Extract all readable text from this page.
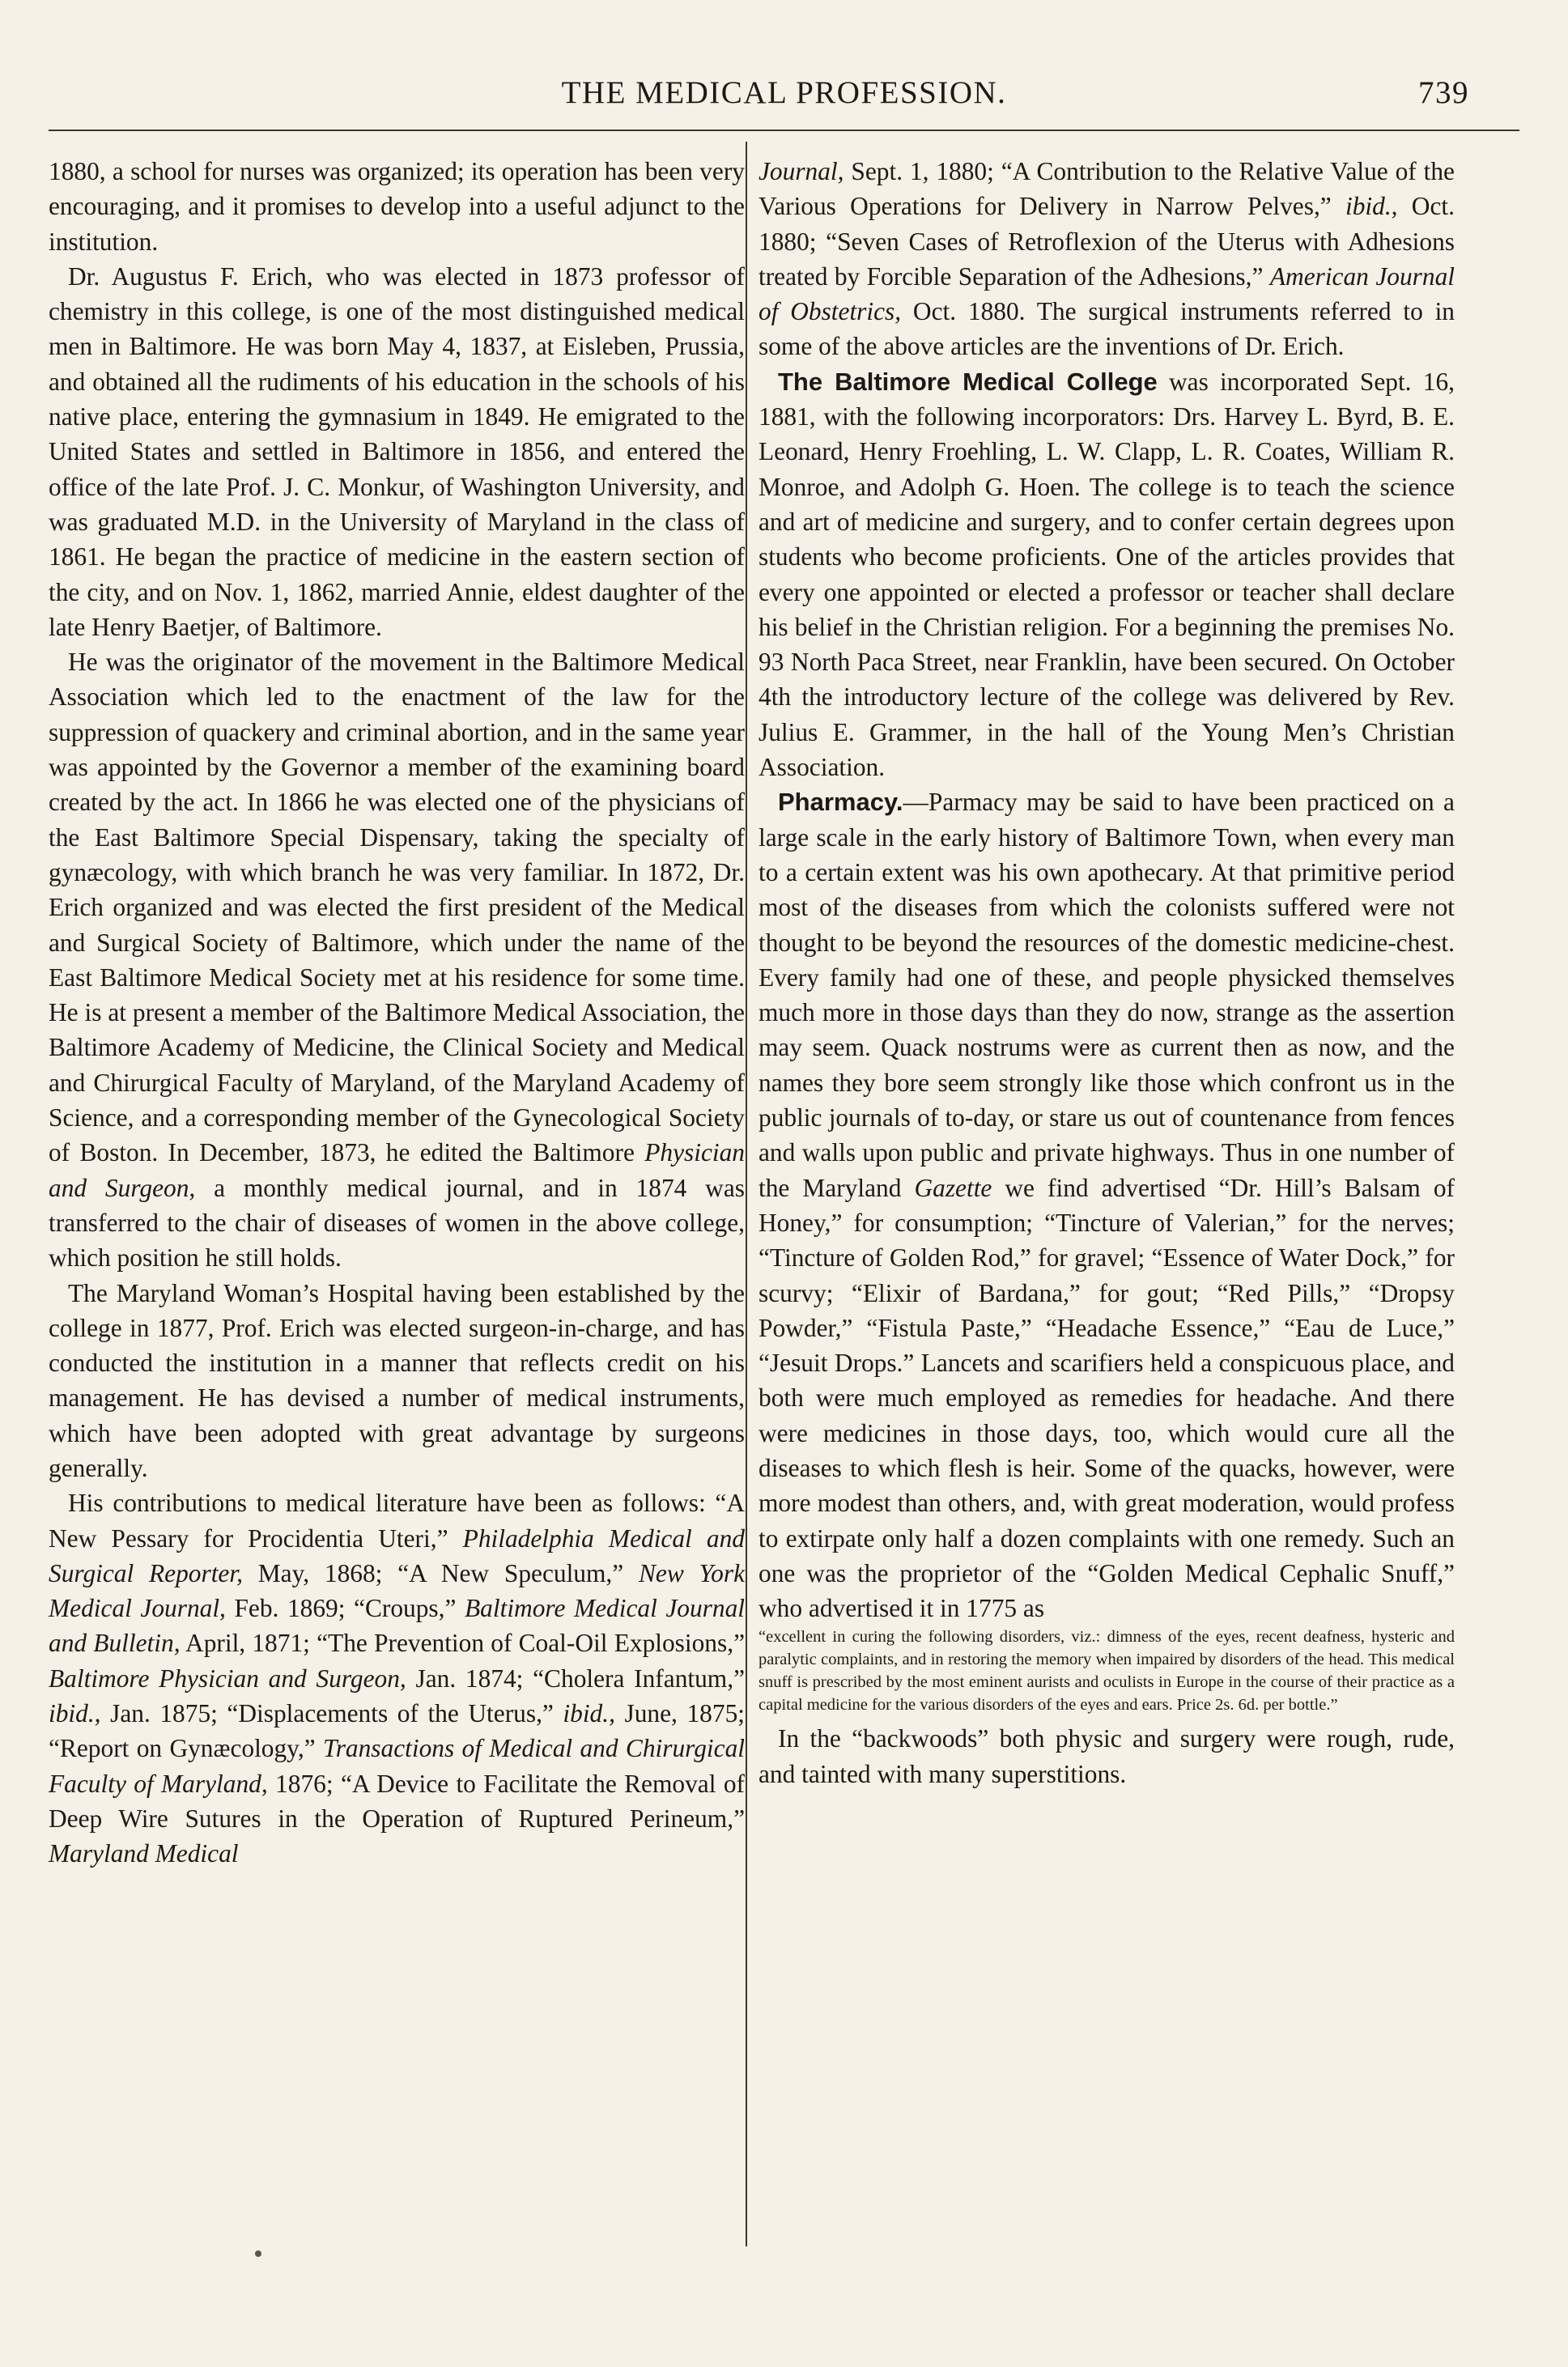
THE MEDICAL PROFESSION.	739

1880, a school for nurses was organized; its operation has been very encouraging, and it promises to develop into a useful adjunct to the institution.

Dr. Augustus F. Erich, who was elected in 1873 professor of chemistry in this college, is one of the most distinguished medical men in Baltimore. He was born May 4, 1837, at Eisleben, Prussia, and obtained all the rudiments of his education in the schools of his native place, entering the gymnasium in 1849. He emigrated to the United States and settled in Baltimore in 1856, and entered the office of the late Prof. J. C. Monkur, of Washington University, and was graduated M.D. in the University of Maryland in the class of 1861. He began the practice of medicine in the eastern section of the city, and on Nov. 1, 1862, married Annie, eldest daughter of the late Henry Baetjer, of Baltimore.

He was the originator of the movement in the Baltimore Medical Association which led to the enactment of the law for the suppression of quackery and criminal abortion, and in the same year was appointed by the Governor a member of the examining board created by the act. In 1866 he was elected one of the physicians of the East Baltimore Special Dispensary, taking the specialty of gynæcology, with which branch he was very familiar. In 1872, Dr. Erich organized and was elected the first president of the Medical and Surgical Society of Baltimore, which under the name of the East Baltimore Medical Society met at his residence for some time. He is at present a member of the Baltimore Medical Association, the Baltimore Academy of Medicine, the Clinical Society and Medical and Chirurgical Faculty of Maryland, of the Maryland Academy of Science, and a corresponding member of the Gynecological Society of Boston. In December, 1873, he edited the Baltimore Physician and Surgeon, a monthly medical journal, and in 1874 was transferred to the chair of diseases of women in the above college, which position he still holds.

The Maryland Woman’s Hospital having been established by the college in 1877, Prof. Erich was elected surgeon-in-charge, and has conducted the institution in a manner that reflects credit on his management. He has devised a number of medical instruments, which have been adopted with great advantage by surgeons generally.

His contributions to medical literature have been as follows: “A New Pessary for Procidentia Uteri,” Philadelphia Medical and Surgical Reporter, May, 1868; “A New Speculum,” New York Medical Journal, Feb. 1869; “Croups,” Baltimore Medical Journal and Bulletin, April, 1871; “The Prevention of Coal-Oil Explosions,” Baltimore Physician and Surgeon, Jan. 1874; “Cholera Infantum,” ibid., Jan. 1875; “Displacements of the Uterus,” ibid., June, 1875; “Report on Gynæcology,” Transactions of Medical and Chirurgical Faculty of Maryland, 1876; “A Device to Facilitate the Removal of Deep Wire Sutures in the Operation of Ruptured Perineum,” Maryland Medical

Journal, Sept. 1, 1880; “A Contribution to the Relative Value of the Various Operations for Delivery in Narrow Pelves,” ibid., Oct. 1880; “Seven Cases of Retroflexion of the Uterus with Adhesions treated by Forcible Separation of the Adhesions,” American Journal of Obstetrics, Oct. 1880. The surgical instruments referred to in some of the above articles are the inventions of Dr. Erich.

The Baltimore Medical College was incorporated Sept. 16, 1881, with the following incorporators: Drs. Harvey L. Byrd, B. E. Leonard, Henry Froehling, L. W. Clapp, L. R. Coates, William R. Monroe, and Adolph G. Hoen. The college is to teach the science and art of medicine and surgery, and to confer certain degrees upon students who become proficients. One of the articles provides that every one appointed or elected a professor or teacher shall declare his belief in the Christian religion. For a beginning the premises No. 93 North Paca Street, near Franklin, have been secured. On October 4th the introductory lecture of the college was delivered by Rev. Julius E. Grammer, in the hall of the Young Men’s Christian Association.

Pharmacy.—Parmacy may be said to have been practiced on a large scale in the early history of Baltimore Town, when every man to a certain extent was his own apothecary. At that primitive period most of the diseases from which the colonists suffered were not thought to be beyond the resources of the domestic medicine-chest. Every family had one of these, and people physicked themselves much more in those days than they do now, strange as the assertion may seem. Quack nostrums were as current then as now, and the names they bore seem strongly like those which confront us in the public journals of to-day, or stare us out of countenance from fences and walls upon public and private highways. Thus in one number of the Maryland Gazette we find advertised “Dr. Hill’s Balsam of Honey,” for consumption; “Tincture of Valerian,” for the nerves; “Tincture of Golden Rod,” for gravel; “Essence of Water Dock,” for scurvy; “Elixir of Bardana,” for gout; “Red Pills,” “Dropsy Powder,” “Fistula Paste,” “Headache Essence,” “Eau de Luce,” “Jesuit Drops.” Lancets and scarifiers held a conspicuous place, and both were much employed as remedies for headache. And there were medicines in those days, too, which would cure all the diseases to which flesh is heir. Some of the quacks, however, were more modest than others, and, with great moderation, would profess to extirpate only half a dozen complaints with one remedy. Such an one was the proprietor of the “Golden Medical Cephalic Snuff,” who advertised it in 1775 as

“excellent in curing the following disorders, viz.: dimness of the eyes, recent deafness, hysteric and paralytic complaints, and in restoring the memory when impaired by disorders of the head. This medical snuff is prescribed by the most eminent aurists and oculists in Europe in the course of their practice as a capital medicine for the various disorders of the eyes and ears. Price 2s. 6d. per bottle.”

In the “backwoods” both physic and surgery were rough, rude, and tainted with many superstitions.
